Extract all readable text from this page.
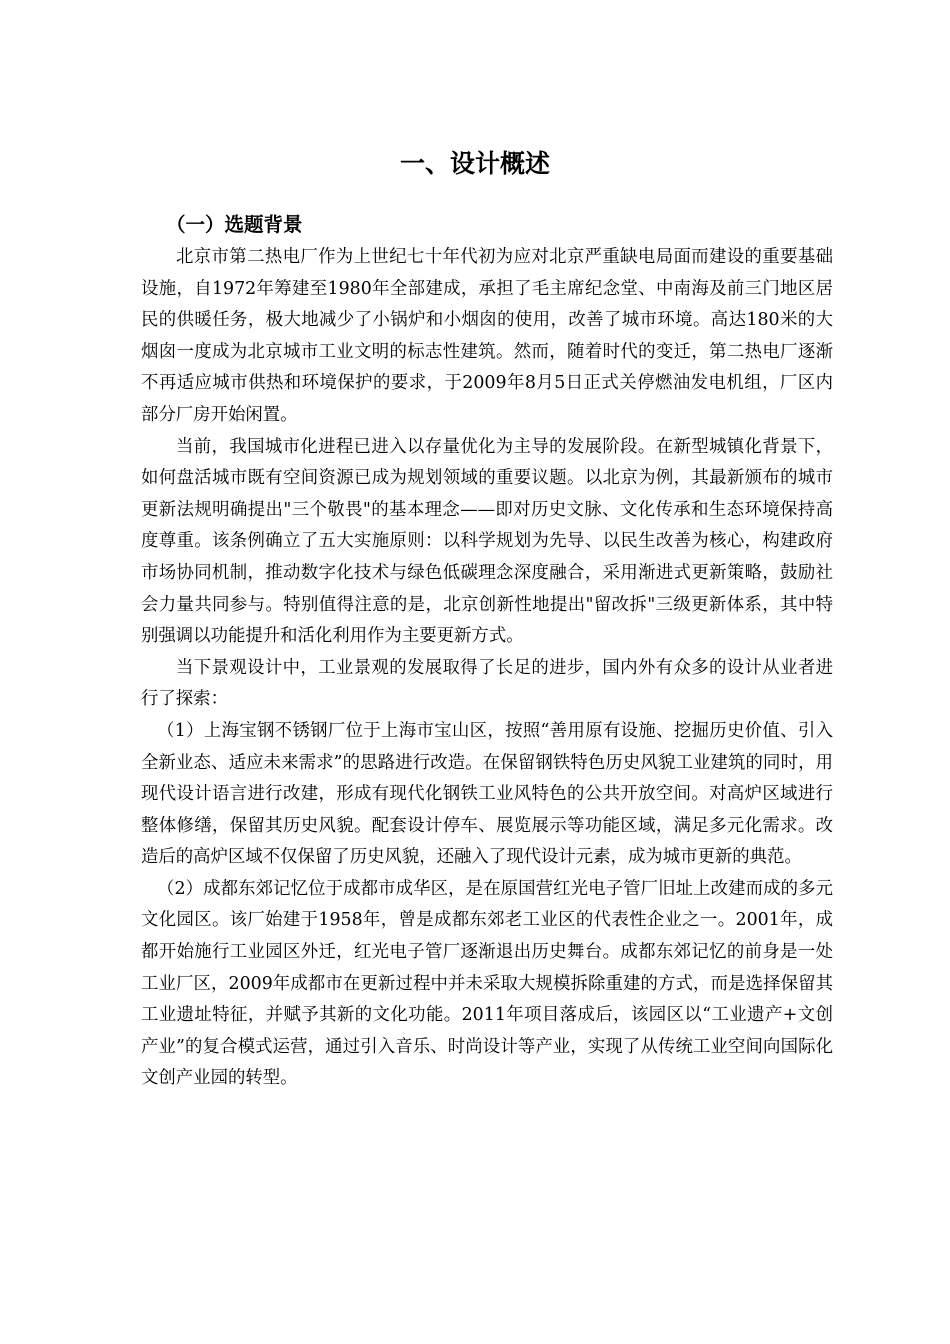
一、设计概述
（一）选题背景

北京市第二热电厂作为上世纪七十年代初为应对北京严重缺电局面而建设的重要基础设施，自1972年筹建至1980年全部建成，承担了毛主席纪念堂、中南海及前三门地区居民的供暖任务，极大地减少了小锅炉和小烟囱的使用，改善了城市环境。高达180米的大烟囱一度成为北京城市工业文明的标志性建筑。然而，随着时代的变迁，第二热电厂逐渐不再适应城市供热和环境保护的要求，于2009年8月5日正式关停燃油发电机组，厂区内部分厂房开始闲置。

当前，我国城市化进程已进入以存量优化为主导的发展阶段。在新型城镇化背景下，如何盘活城市既有空间资源已成为规划领域的重要议题。以北京为例，其最新颁布的城市更新法规明确提出"三个敬畏"的基本理念——即对历史文脉、文化传承和生态环境保持高度尊重。该条例确立了五大实施原则：以科学规划为先导、以民生改善为核心，构建政府市场协同机制，推动数字化技术与绿色低碳理念深度融合，采用渐进式更新策略，鼓励社会力量共同参与。特别值得注意的是，北京创新性地提出"留改拆"三级更新体系，其中特别强调以功能提升和活化利用作为主要更新方式。

当下景观设计中，工业景观的发展取得了长足的进步，国内外有众多的设计从业者进行了探索：

（1）上海宝钢不锈钢厂位于上海市宝山区，按照“善用原有设施、挖掘历史价值、引入全新业态、适应未来需求”的思路进行改造。在保留钢铁特色历史风貌工业建筑的同时，用现代设计语言进行改建，形成有现代化钢铁工业风特色的公共开放空间。对高炉区域进行整体修缮，保留其历史风貌。配套设计停车、展览展示等功能区域，满足多元化需求。改造后的高炉区域不仅保留了历史风貌，还融入了现代设计元素，成为城市更新的典范。

（2）成都东郊记忆位于成都市成华区，是在原国营红光电子管厂旧址上改建而成的多元文化园区。该厂始建于1958年，曾是成都东郊老工业区的代表性企业之一。2001年，成都开始施行工业园区外迁，红光电子管厂逐渐退出历史舞台。成都东郊记忆的前身是一处工业厂区，2009年成都市在更新过程中并未采取大规模拆除重建的方式，而是选择保留其工业遗址特征，并赋予其新的文化功能。2011年项目落成后，该园区以“工业遗产+文创产业”的复合模式运营，通过引入音乐、时尚设计等产业，实现了从传统工业空间向国际化文创产业园的转型。
